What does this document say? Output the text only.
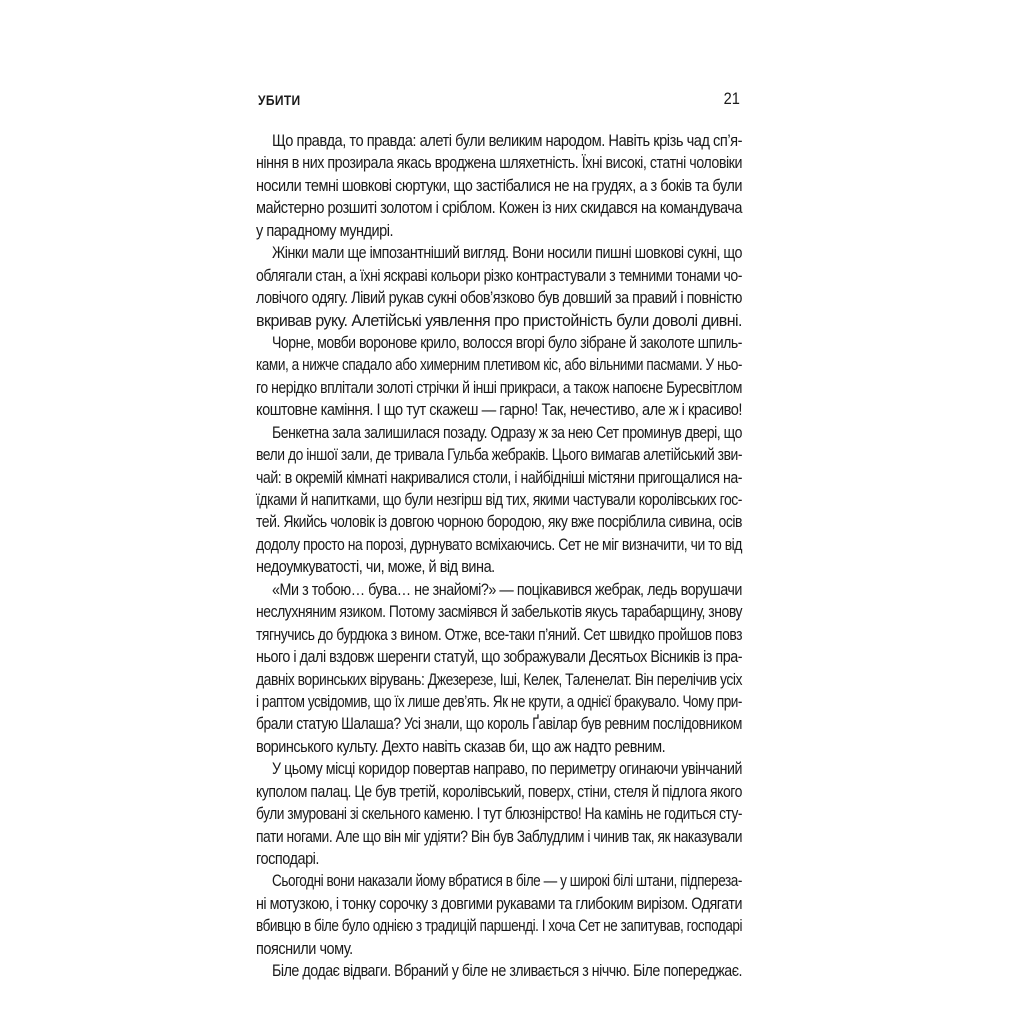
УБИТИ	21
Що правда, то правда: алеті були великим народом. Навіть крізь чад сп’я-
ніння в них прозирала якась вроджена шляхетність. Їхні високі, статні чоловіки
носили темні шовкові сюртуки, що застібалися не на грудях, а з боків та були
майстерно розшиті золотом і сріблом. Кожен із них скидався на командувача
у парадному мундирі.
Жінки мали ще імпозантніший вигляд. Вони носили пишні шовкові сукні, що
облягали стан, а їхні яскраві кольори різко контрастували з темними тонами чо-
ловічого одягу. Лівий рукав сукні обов’язково був довший за правий і повністю
вкривав руку. Алетійські уявлення про пристойність були доволі дивні.
Чорне, мовби воронове крило, волосся вгорі було зібране й заколоте шпиль-
ками, а нижче спадало або химерним плетивом кіс, або вільними пасмами. У ньо-
го нерідко вплітали золоті стрічки й інші прикраси, а також напоєне Буресвітлом
коштовне каміння. І що тут скажеш — гарно! Так, нечестиво, але ж і красиво!
Бенкетна зала залишилася позаду. Одразу ж за нею Сет проминув двері, що
вели до іншої зали, де тривала Гульба жебраків. Цього вимагав алетійський зви-
чай: в окремій кімнаті накривалися столи, і найбідніші містяни пригощалися на-
їдками й напитками, що були незгірш від тих, якими частували королівських гос-
тей. Якийсь чоловік із довгою чорною бородою, яку вже посріблила сивина, осів
додолу просто на порозі, дурнувато всміхаючись. Сет не міг визначити, чи то від
недоумкуватості, чи, може, й від вина.
«Ми з тобою… бува… не знайомі?» — поцікавився жебрак, ледь ворушачи
неслухняним язиком. Потому засміявся й забелькотів якусь тарабарщину, знову
тягнучись до бурдюка з вином. Отже, все-таки п’яний. Сет швидко пройшов повз
нього і далі вздовж шеренги статуй, що зображували Десятьох Вісників із пра-
давніх воринських вірувань: Джезерезе, Іші, Келек, Таленелат. Він перелічив усіх
і раптом усвідомив, що їх лише дев’ять. Як не крути, а однієї бракувало. Чому при-
брали статую Шалаша? Усі знали, що король Ґавілар був ревним послідовником
воринського культу. Дехто навіть сказав би, що аж надто ревним.
У цьому місці коридор повертав направо, по периметру огинаючи увінчаний
куполом палац. Це був третій, королівський, поверх, стіни, стеля й підлога якого
були змуровані зі скельного каменю. І тут блюзнірство! На камінь не годиться сту-
пати ногами. Але що він міг удіяти? Він був Заблудлим і чинив так, як наказували
господарі.
Сьогодні вони наказали йому вбратися в біле — у широкі білі штани, підпереза-
ні мотузкою, і тонку сорочку з довгими рукавами та глибоким вирізом. Одягати
вбивцю в біле було однією з традицій паршенді. І хоча Сет не запитував, господарі
пояснили чому.
Біле додає відваги. Вбраний у біле не зливається з ніччю. Біле попереджає.
